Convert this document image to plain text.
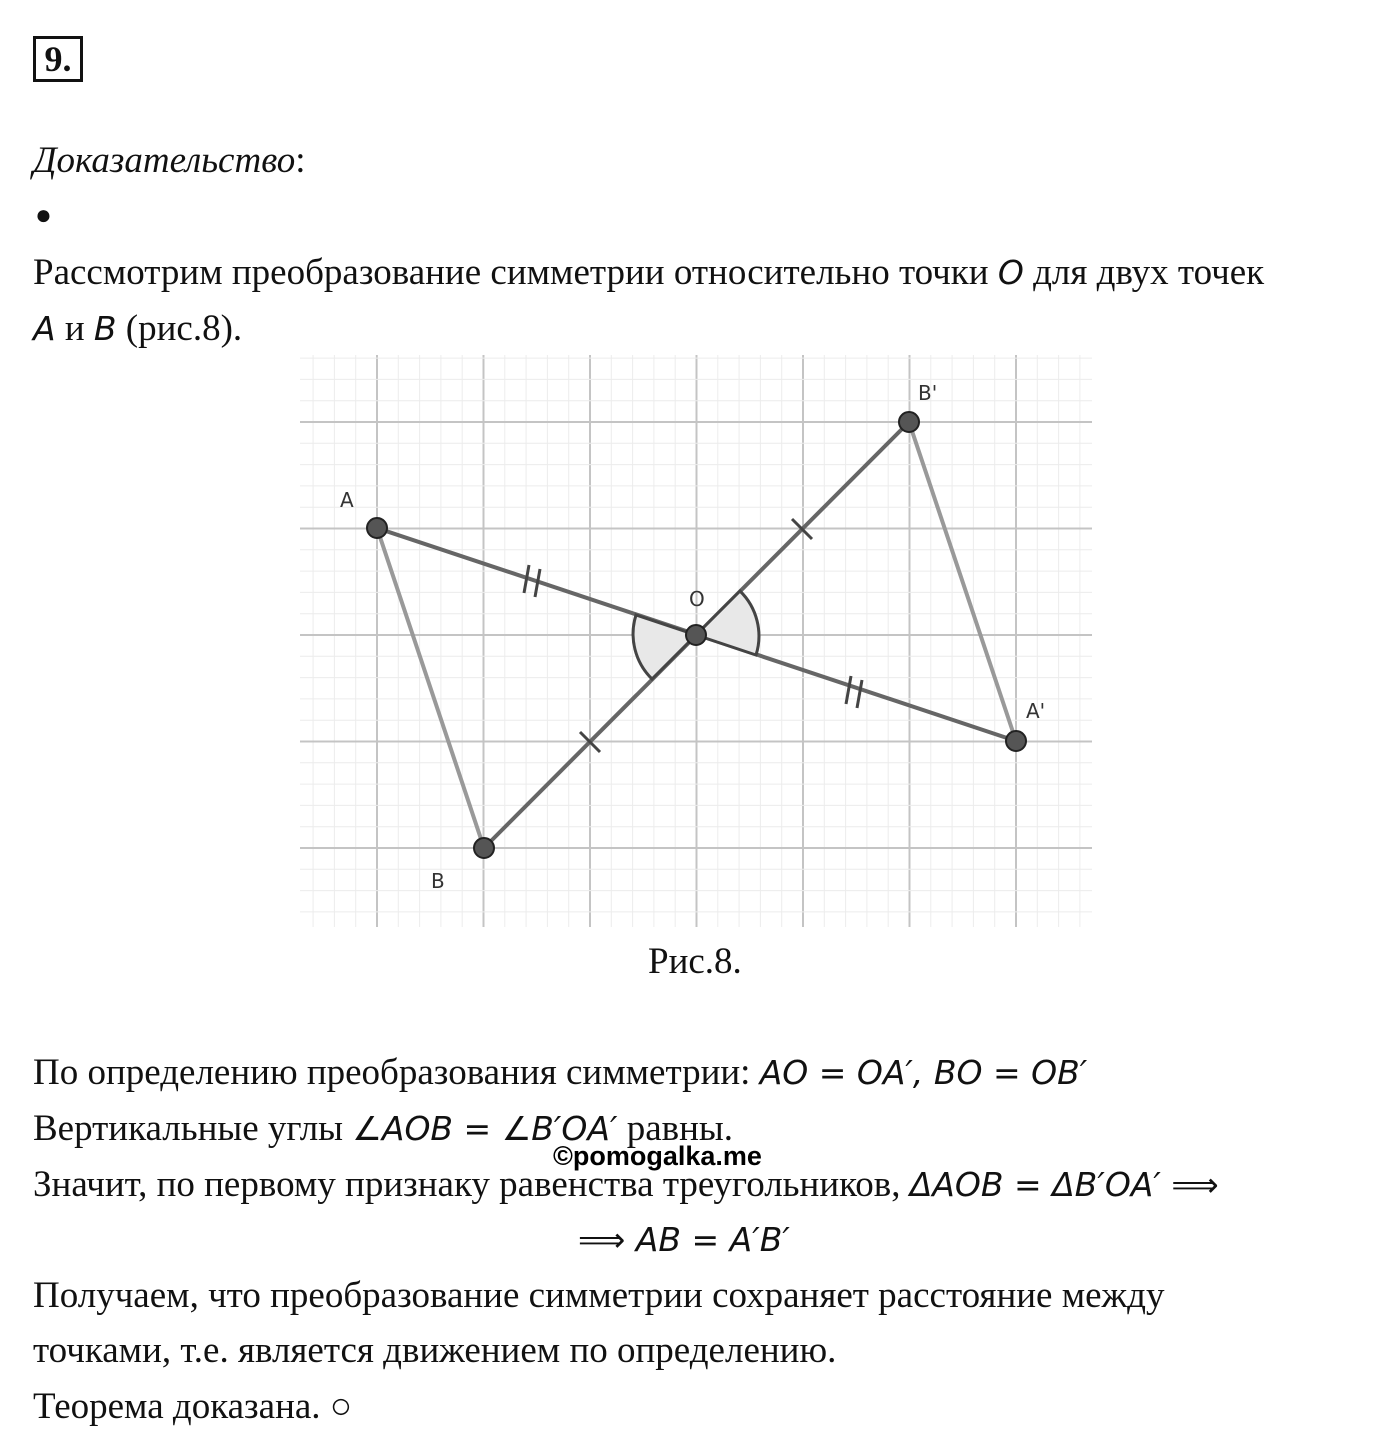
9.
Доказательство:
●
Рассмотрим преобразование симметрии относительно точки O для двух точек
A и B (рис.8).
A
B
O
A'
B'
Рис.8.
По определению преобразования симметрии: AO = OA′, BO = OB′
Вертикальные углы ∠AOB = ∠B′OA′ равны.
©pomogalka.me
Значит, по первому признаку равенства треугольников, ΔAOB = ΔB′OA′ ⟹
⟹ AB = A′B′
Получаем, что преобразование симметрии сохраняет расстояние между
точками, т.е. является движением по определению.
Теорема доказана. ○
